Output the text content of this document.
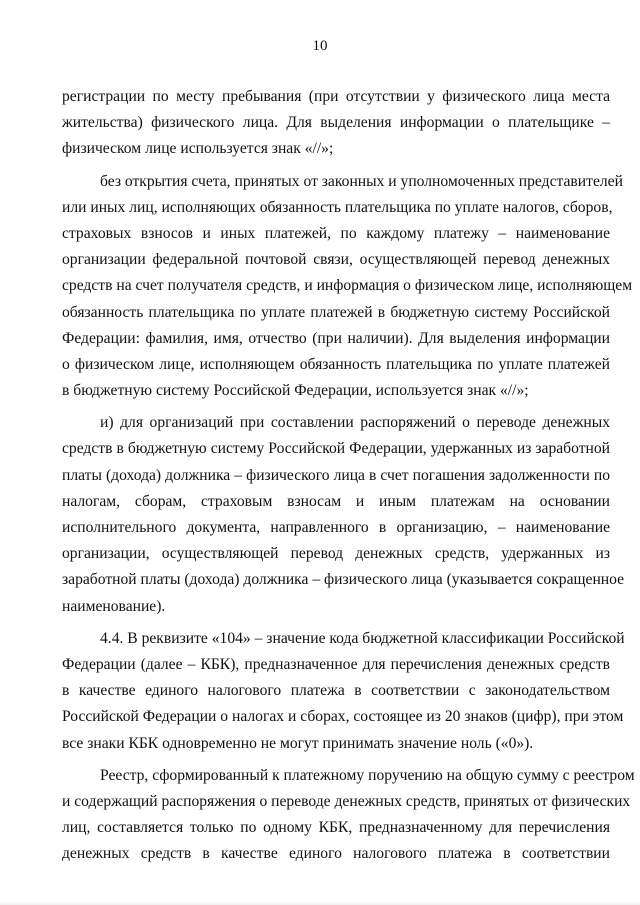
10
регистрации по месту пребывания (при отсутствии у физического лица места
жительства) физического лица. Для выделения информации о плательщике –
физическом лице используется знак «//»;
без открытия счета, принятых от законных и уполномоченных представителей
или иных лиц, исполняющих обязанность плательщика по уплате налогов, сборов,
страховых взносов и иных платежей, по каждому платежу – наименование
организации федеральной почтовой связи, осуществляющей перевод денежных
средств на счет получателя средств, и информация о физическом лице, исполняющем
обязанность плательщика по уплате платежей в бюджетную систему Российской
Федерации: фамилия, имя, отчество (при наличии). Для выделения информации
о физическом лице, исполняющем обязанность плательщика по уплате платежей
в бюджетную систему Российской Федерации, используется знак «//»;
и) для организаций при составлении распоряжений о переводе денежных
средств в бюджетную систему Российской Федерации, удержанных из заработной
платы (дохода) должника – физического лица в счет погашения задолженности по
налогам, сборам, страховым взносам и иным платежам на основании
исполнительного документа, направленного в организацию, – наименование
организации, осуществляющей перевод денежных средств, удержанных из
заработной платы (дохода) должника – физического лица (указывается сокращенное
наименование).
4.4. В реквизите «104» – значение кода бюджетной классификации Российской
Федерации (далее – КБК), предназначенное для перечисления денежных средств
в качестве единого налогового платежа в соответствии с законодательством
Российской Федерации о налогах и сборах, состоящее из 20 знаков (цифр), при этом
все знаки КБК одновременно не могут принимать значение ноль («0»).
Реестр, сформированный к платежному поручению на общую сумму с реестром
и содержащий распоряжения о переводе денежных средств, принятых от физических
лиц, составляется только по одному КБК, предназначенному для перечисления
денежных средств в качестве единого налогового платежа в соответствии
